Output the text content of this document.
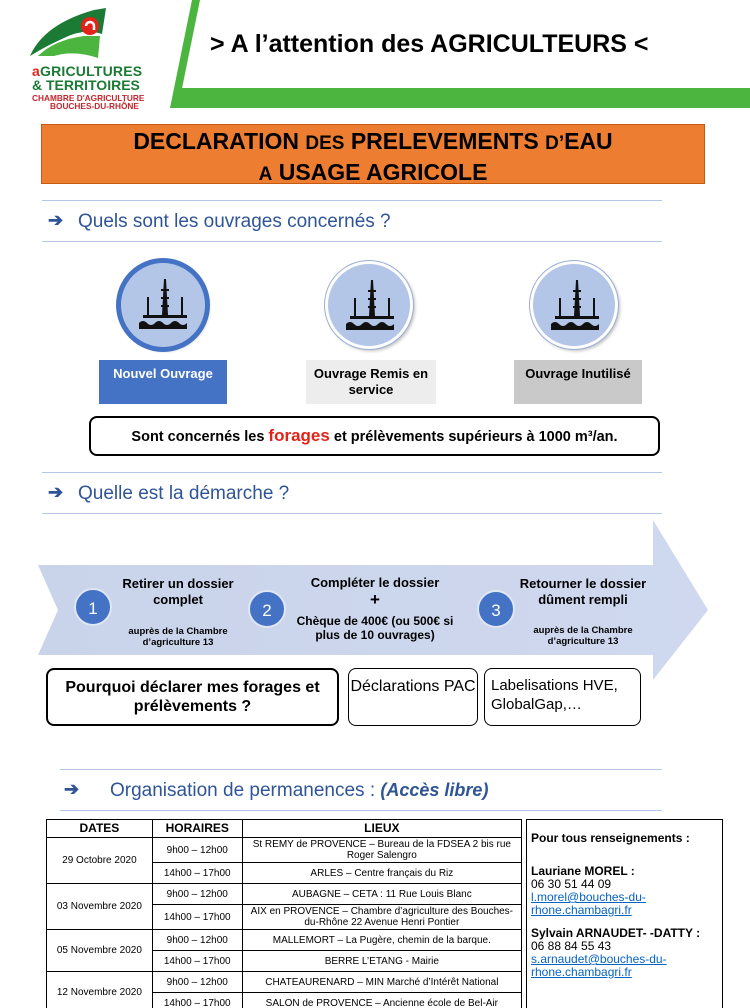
aGRICULTURES
& TERRITOIRES
CHAMBRE D'AGRICULTURE
BOUCHES-DU-RHÔNE
> A l’attention des AGRICULTEURS <
DECLARATION DES PRELEVEMENTS D’EAU
A USAGE AGRICOLE
➔ Quels sont les ouvrages concernés ?
Nouvel Ouvrage	Ouvrage Remis en service
Ouvrage Inutilisé
Sont concernés les forages et prélèvements supérieurs à 1000 m³/an.
➔ Quelle est la démarche ?
1
Retirer un dossier complet
auprès de la Chambre d’agriculture 13
2
Compléter le dossier
+
Chèque de 400€ (ou 500€ si plus de 10 ouvrages)
3
Retourner le dossier dûment rempli
auprès de la Chambre d’agriculture 13
Pourquoi déclarer mes forages et prélèvements ?
Déclarations PAC	Labelisations HVE, GlobalGap,…
➔ Organisation de permanences : (Accès libre)
DATES	HORAIRES	LIEUX
29 Octobre 2020	9h00 – 12h00	St REMY de PROVENCE – Bureau de la FDSEA 2 bis rue Roger Salengro
	14h00 – 17h00	ARLES – Centre français du Riz
03 Novembre 2020	9h00 – 12h00	AUBAGNE – CETA : 11 Rue Louis Blanc
	14h00 – 17h00	AIX en PROVENCE – Chambre d’agriculture des Bouches-du-Rhône 22 Avenue Henri Pontier
05 Novembre 2020	9h00 – 12h00	MALLEMORT – La Pugère, chemin de la barque.
	14h00 – 17h00	BERRE L’ETANG - Mairie
12 Novembre 2020	9h00 – 12h00	CHATEAURENARD – MIN Marché d’Intérêt National
	14h00 – 17h00	SALON de PROVENCE – Ancienne école de Bel-Air
Pour tous renseignements :
Lauriane MOREL :
06 30 51 44 09
l.morel@bouches-du-
rhone.chambagri.fr
Sylvain ARNAUDET- -DATTY :
06 88 84 55 43
s.arnaudet@bouches-du-
rhone.chambagri.fr
